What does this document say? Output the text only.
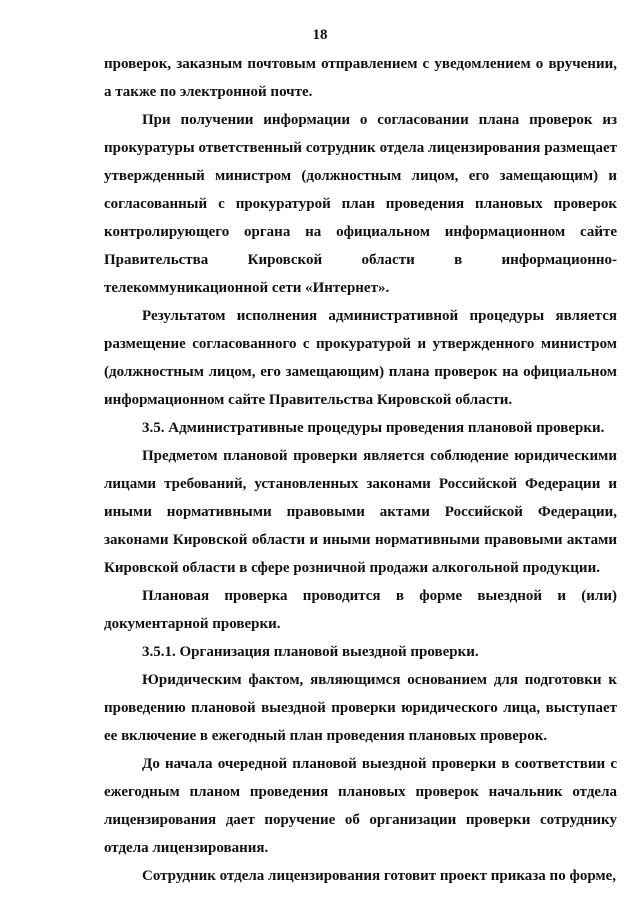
18

проверок, заказным почтовым отправлением с уведомлением о вручении, а также по электронной почте.

При получении информации о согласовании плана проверок из прокуратуры ответственный сотрудник отдела лицензирования размещает утвержденный министром (должностным лицом, его замещающим) и согласованный с прокуратурой план проведения плановых проверок контролирующего органа на официальном информационном сайте Правительства Кировской области в информационно-телекоммуникационной сети «Интернет».

Результатом исполнения административной процедуры является размещение согласованного с прокуратурой и утвержденного министром (должностным лицом, его замещающим) плана проверок на официальном информационном сайте Правительства Кировской области.

3.5. Административные процедуры проведения плановой проверки.

Предметом плановой проверки является соблюдение юридическими лицами требований, установленных законами Российской Федерации и иными нормативными правовыми актами Российской Федерации, законами Кировской области и иными нормативными правовыми актами Кировской области в сфере розничной продажи алкогольной продукции.

Плановая проверка проводится в форме выездной и (или) документарной проверки.

3.5.1. Организация плановой выездной проверки.

Юридическим фактом, являющимся основанием для подготовки к проведению плановой выездной проверки юридического лица, выступает ее включение в ежегодный план проведения плановых проверок.

До начала очередной плановой выездной проверки в соответствии с ежегодным планом проведения плановых проверок начальник отдела лицензирования дает поручение об организации проверки сотруднику отдела лицензирования.

Сотрудник отдела лицензирования готовит проект приказа по форме,
